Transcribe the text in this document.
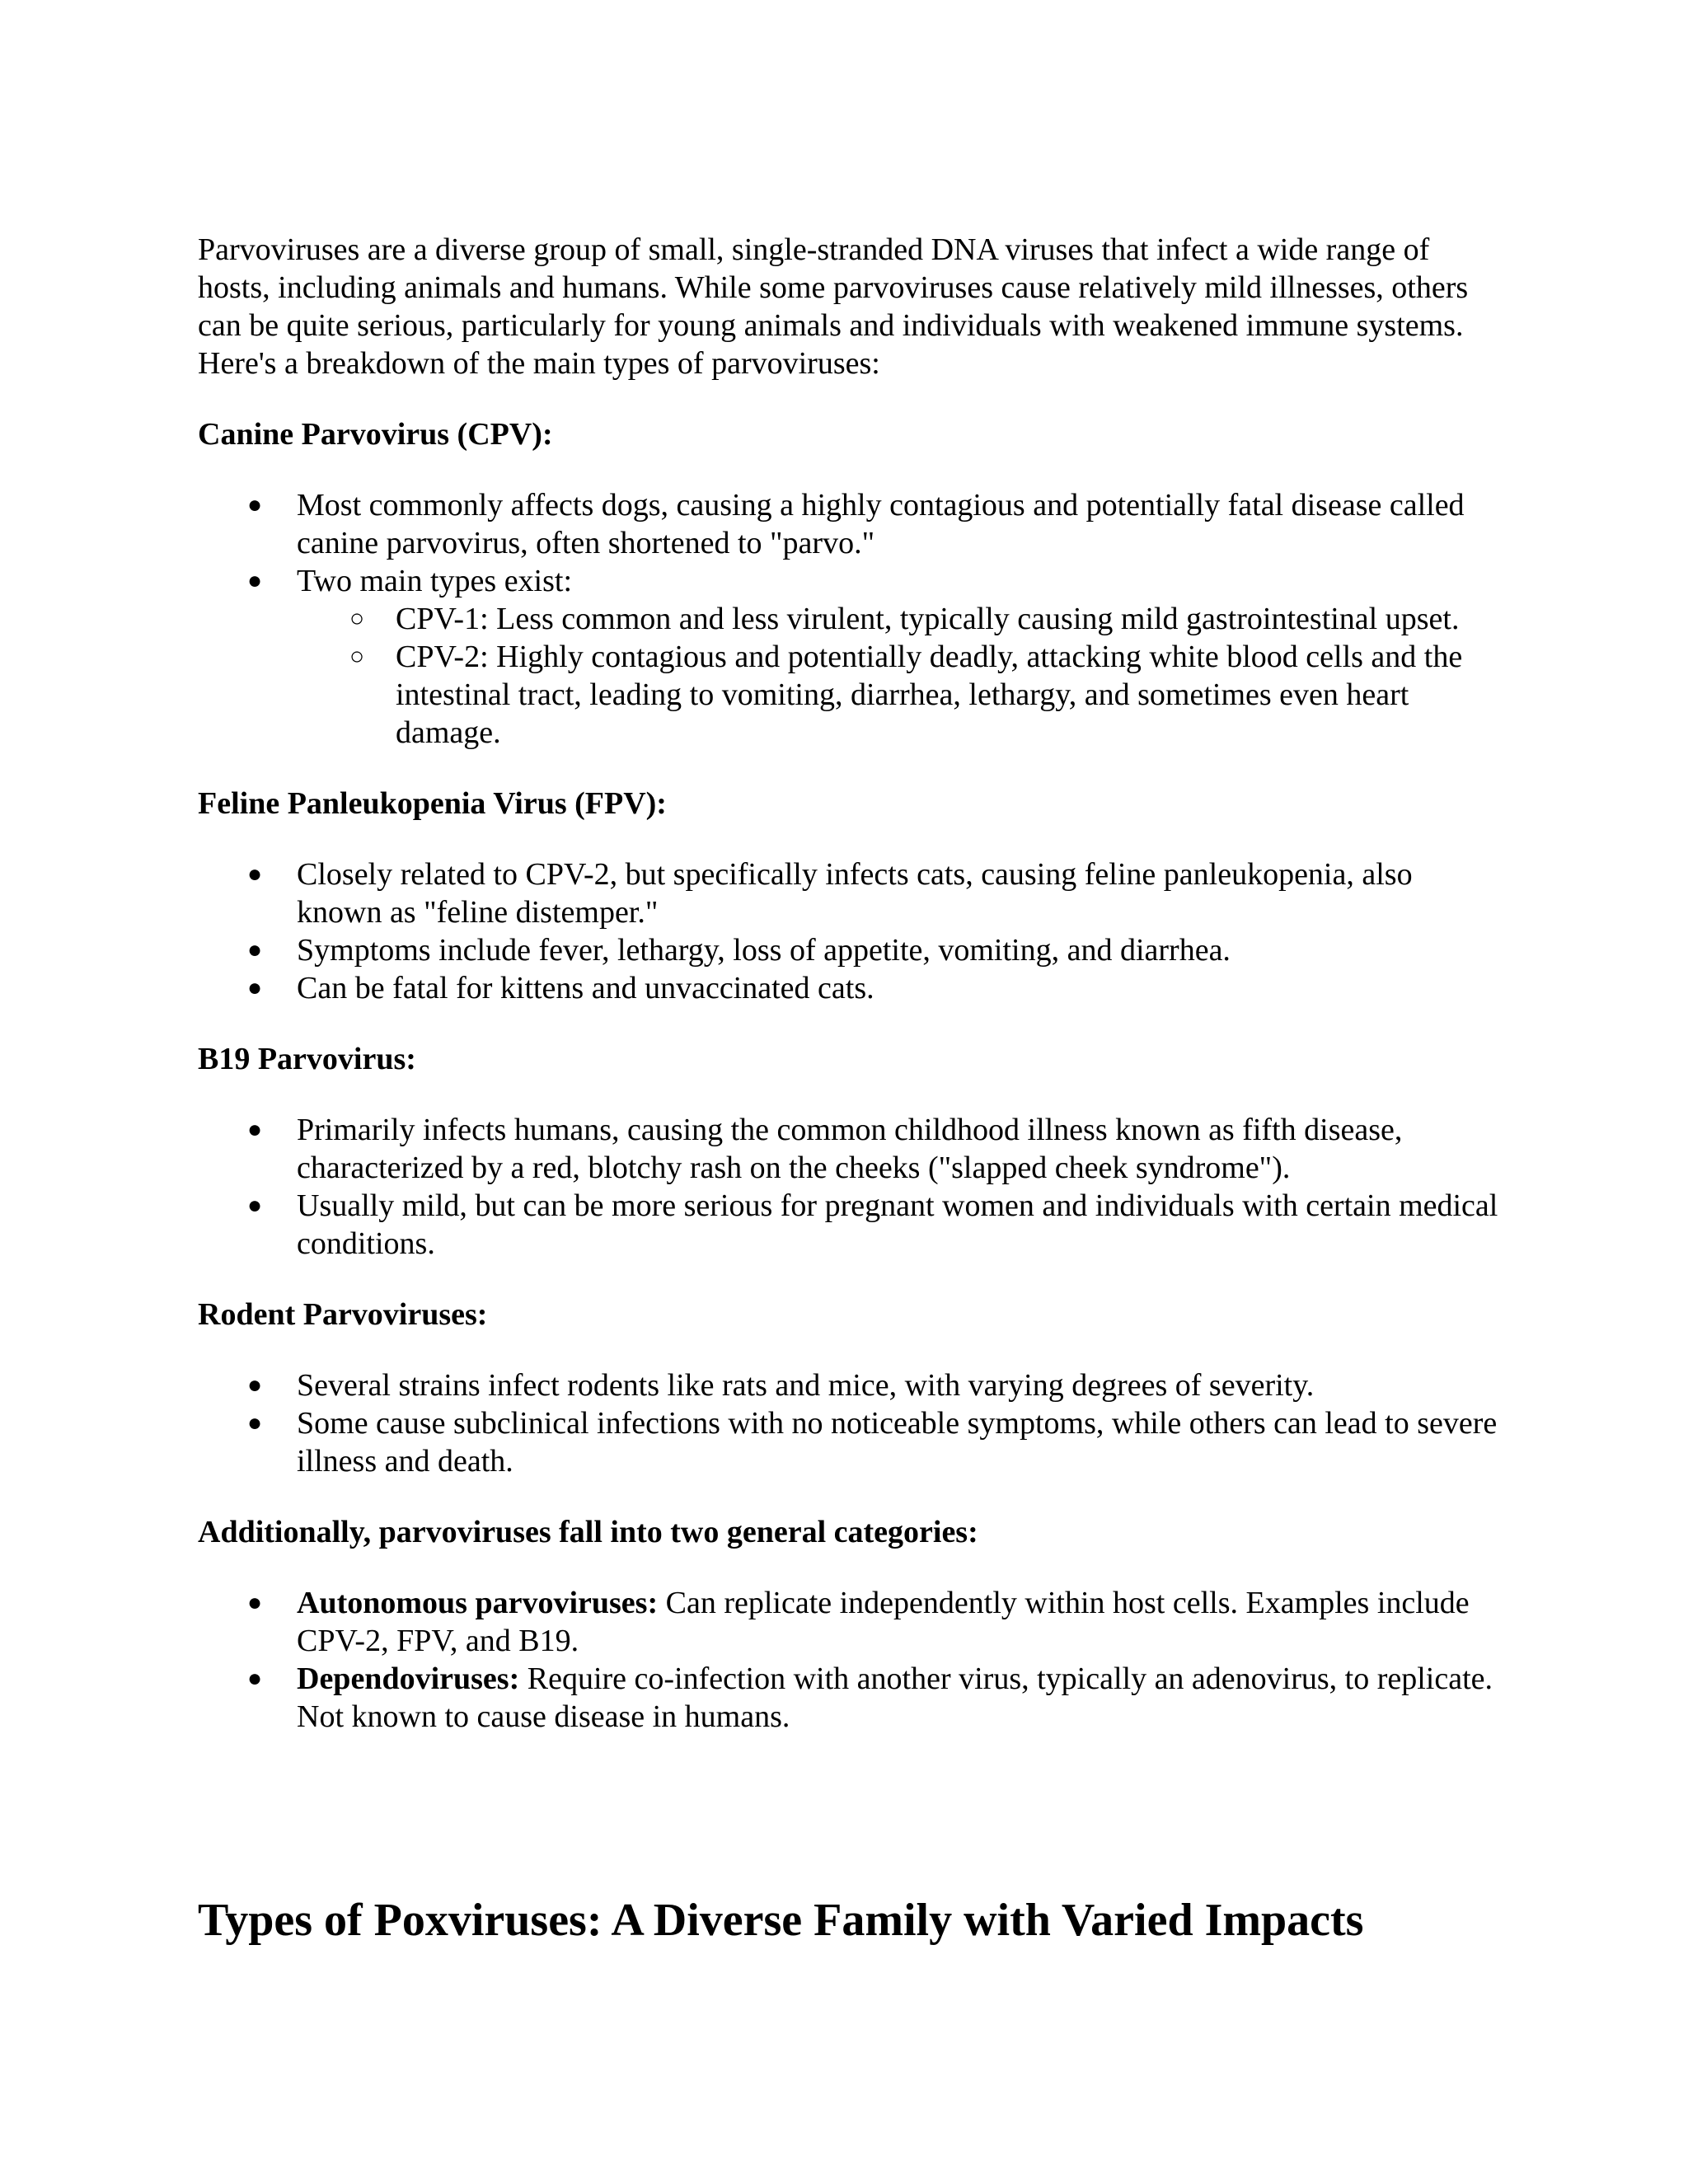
Parvoviruses are a diverse group of small, single-stranded DNA viruses that infect a wide range of hosts, including animals and humans. While some parvoviruses cause relatively mild illnesses, others can be quite serious, particularly for young animals and individuals with weakened immune systems. Here's a breakdown of the main types of parvoviruses:

Canine Parvovirus (CPV):

● Most commonly affects dogs, causing a highly contagious and potentially fatal disease called canine parvovirus, often shortened to "parvo."
● Two main types exist:
○ CPV-1: Less common and less virulent, typically causing mild gastrointestinal upset.
○ CPV-2: Highly contagious and potentially deadly, attacking white blood cells and the intestinal tract, leading to vomiting, diarrhea, lethargy, and sometimes even heart damage.

Feline Panleukopenia Virus (FPV):

● Closely related to CPV-2, but specifically infects cats, causing feline panleukopenia, also known as "feline distemper."
● Symptoms include fever, lethargy, loss of appetite, vomiting, and diarrhea.
● Can be fatal for kittens and unvaccinated cats.

B19 Parvovirus:

● Primarily infects humans, causing the common childhood illness known as fifth disease, characterized by a red, blotchy rash on the cheeks ("slapped cheek syndrome").
● Usually mild, but can be more serious for pregnant women and individuals with certain medical conditions.

Rodent Parvoviruses:

● Several strains infect rodents like rats and mice, with varying degrees of severity.
● Some cause subclinical infections with no noticeable symptoms, while others can lead to severe illness and death.

Additionally, parvoviruses fall into two general categories:

● Autonomous parvoviruses: Can replicate independently within host cells. Examples include CPV-2, FPV, and B19.
● Dependoviruses: Require co-infection with another virus, typically an adenovirus, to replicate. Not known to cause disease in humans.
Types of Poxviruses: A Diverse Family with Varied Impacts
